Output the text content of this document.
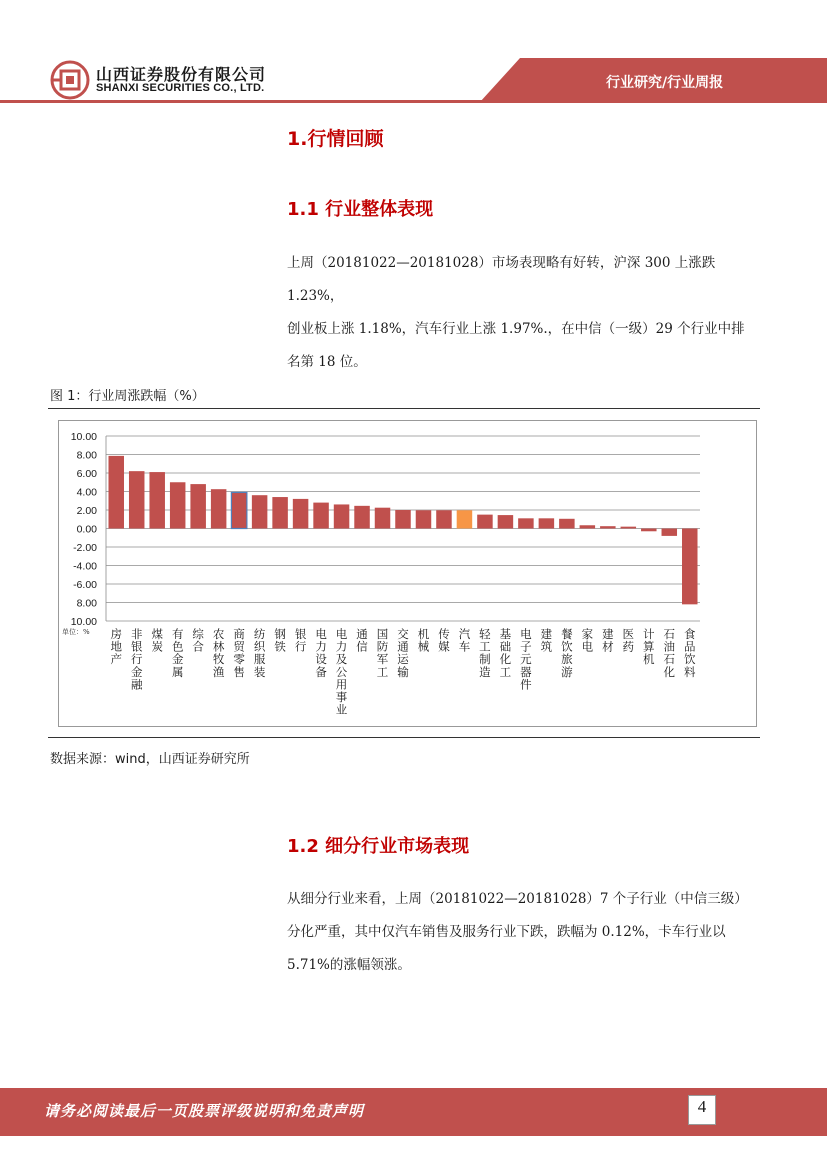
山西证券股份有限公司
SHANXI SECURITIES CO., LTD.	行业研究/行业周报
1.行情回顾
1.1 行业整体表现
上周（20181022—20181028）市场表现略有好转，沪深 300 上涨跌 1.23%，
创业板上涨 1.18%，汽车行业上涨 1.97%.，在中信（一级）29 个行业中排
名第 18 位。
图 1：行业周涨跌幅（%）
10.00
8.00
6.00
4.00
2.00
0.00
-2.00
-4.00
-6.00
8.00
10.00
单位：% 房地产
非银行金融
煤炭
有色金属
综合
农林牧渔
商贸零售
纺织服装
钢铁
银行
电力设备
电力及公用事业
通信
国防军工
交通运输
机械
传媒
汽车
轻工制造
基础化工
电子元器件
建筑
餐饮旅游
家电
建材
医药
计算机
石油石化
食品饮料
数据来源：wind，山西证券研究所
1.2 细分行业市场表现
从细分行业来看，上周（20181022—20181028）7 个子行业（中信三级）
分化严重，其中仅汽车销售及服务行业下跌，跌幅为 0.12%，卡车行业以
5.71%的涨幅领涨。
请务必阅读最后一页股票评级说明和免责声明	4
